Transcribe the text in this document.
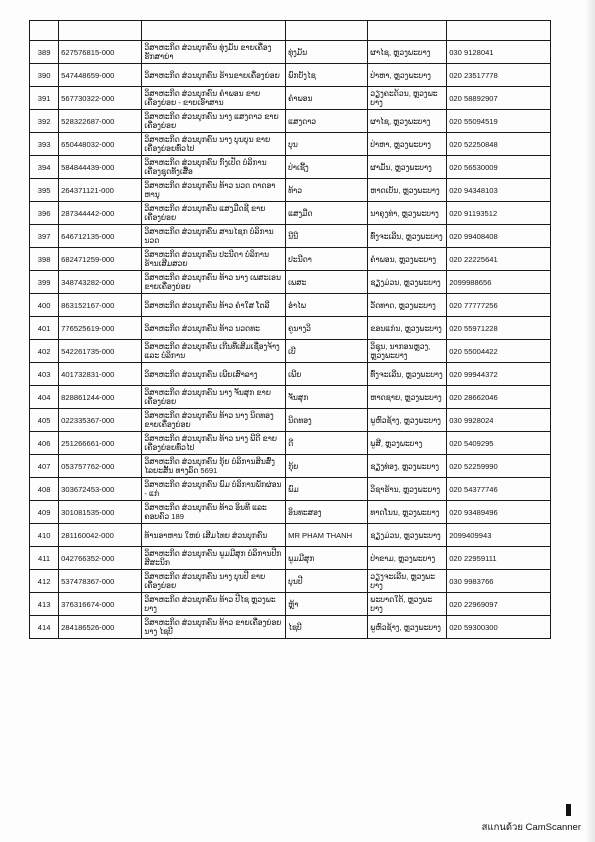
389	627576815-000	ວິສາຫະກິດ ສ່ວນບຸກຄົນ ທຸ່ງມັນ ຂາຍເຄື່ອງຮັກສາຍ່າ	ທຸ່ງມັນ	ຜາໄຊ, ຫຼວງພະບາງ	030 9128041
390	547448659-000	ວິສາຫະກິດ ສ່ວນບຸກຄົນ ຮ້ານຂາຍເຄື່ອງຍ່ອຍ	ພົກບັງໄຊ	ປ່າຫາ, ຫຼວງພະບາງ	020 23517778
391	567730322-000	ວິສາຫະກິດ ສ່ວນບຸກຄົນ ຄຳພອນ ຂາຍເຄື່ອງຍ່ອຍ - ຂາຍເອົາສານ	ຄຳພອນ	ວຽງຄະດ້ວນ, ຫຼວງພະບາງ	020 58892907
392	528322687-000	ວິສາຫະກິດ ສ່ວນບຸກຄົນ ນາງ ແສງດາວ ຂາຍເຄື່ອງຍ່ອຍ	ແສງດາວ	ຜາໄຊ, ຫຼວງພະບາງ	020 55094519
393	650448032-000	ວິສາຫະກິດ ສ່ວນບຸກຄົນ ນາງ ບຸນບຸນ ຂາຍເຄື່ອງຍ່ອຍທົ່ວໄປ	ບຸນ	ປ່າຫາ, ຫຼວງພະບາງ	020 52250848
394	584844439-000	ວິສາຫະກິດ ສ່ວນບຸກຄົນ ກົງເປັດ ບໍລິການເຄື່ອງຊຸດທັງເສື້ອ	ປ່າເຊີ້ງ	ຜາມັ່ນ, ຫຼວງພະບາງ	020 56530009
395	264371121-000	ວິສາຫະກິດ ສ່ວນບຸກຄົນ ທ້າວ ນວດ ດາດອາຫານຸ	ທ້າວ	ຫາດເບັນ, ຫຼວງພະບາງ	020 94348103
396	287344442-000	ວິສາຫະກິດ ສ່ວນບຸກຄົນ ແສງມືດຊີ ຂາຍເຄື່ອງຍ່ອຍ	ແສງມືດ	ນາຄຸງທ່າ, ຫຼວງພະບາງ	020 91193512
397	646712135-000	ວິສາຫະກິດ ສ່ວນບຸກຄົນ ສານໄຊກ ບໍລິການ ນວດ	ນີນີ	ທົ່ງຈະເລີນ, ຫຼວງພະບາງ	020 99408408
398	682471259-000	ວິສາຫະກິດ ສ່ວນບຸກຄົນ ປະນີດາ ບໍລິການຮ້ານເສີມສວຍ	ປະນີດາ	ຄຳພອນ, ຫຼວງພະບາງ	020 22225641
399	348743282-000	ວິສາຫະກິດ ສ່ວນບຸກຄົນ ທ້າວ ນາງ ເພສະເອນ ຂາຍເຄື່ອງຍ່ອຍ	ເພສະ	ຊຽງມ່ວນ, ຫຼວງພະບາງ	2099988656
400	863152167-000	ວິສາຫະກິດ ສ່ວນບຸກຄົນ ທ້າວ ຄຳໃສ ໂຕລີ	ອຳໄພ	ວັດທາດ, ຫຼວງພະບາງ	020 77777256
401	776525619-000	ວິສາຫະກິດ ສ່ວນບຸກຄົນ ທ້າວ ນວດທະ	ຄູນາງວິ	ຂອນແກ່ນ, ຫຼວງພະບາງ	020 55971228
402	542261735-000	ວິສາຫະກິດ ສ່ວນບຸກຄົນ ເກີນທີ່ເສີມເຊື່ອງຈ້າງ ແລະ ບໍລິການ	ເບີ	ວິຊຸນ, ນາກອນຫຼວງ, ຫຼວງພະບາງ	020 55004422
403	401732831-000	ວິສາຫະກິດ ສ່ວນບຸກຄົນ ເພີຍເສົາລາງ	ເພີຍ	ທົ່ງຈະເລີນ, ຫຼວງພະບາງ	020 99944372
404	828861244-000	ວິສາຫະກິດ ສ່ວນບຸກຄົນ ນາງ ຈັນສຸກ ຂາຍເຄື່ອງຍ່ອຍ	ຈັນສຸກ	ຫາດຊາຍ, ຫຼວງພະບາງ	020 28662046
405	022335367-000	ວິສາຫະກິດ ສ່ວນບຸກຄົນ ທ້າວ ນາງ ນິດທອງ ຂາຍເຄື່ອງຍ່ອຍ	ນິດທອງ	ພູຫົວຊ້າງ, ຫຼວງພະບາງ	030 9928024
406	251266661-000	ວິສາຫະກິດ ສ່ວນບຸກຄົນ ທ້າວ ນາງ ພີດີ ຂາຍເຄື່ອງຍ່ອຍທົ່ວໄປ	ດີ	ພູສີ, ຫຼວງພະບາງ	020 5409295
407	053757762-000	ວິສາຫະກິດ ສ່ວນບຸກຄົນ ກຸ້ຍ ບໍລິການສິນສົ່ງໄລຍະສັ້ນ ທາງລົດ 5691	ກຸ້ຍ	ຊຽງທ່ອງ, ຫຼວງພະບາງ	020 52259990
408	303672453-000	ວິສາຫະກິດ ສ່ວນບຸກຄົນ ພົມ ບໍລິການພັກຜ່ອນ - ແກ່	ພົມ	ວິຊາຮ້ານ, ຫຼວງພະບາງ	020 54377746
409	301081535-000	ວິສາຫະກິດ ສ່ວນບຸກຄົນ ທ້າວ ອິນທີ ແລະ ຄອບຄົວ 189	ອິນທະສອງ	ທາດໂນນ, ຫຼວງພະບາງ	020 93489496
410	281160042-000	ທ້ານອາຫານ ໃຫຍ່ ເສີມໄທຍ ສ່ວນບຸກຄົນ	MR PHAM THANH	ຊຽງມ່ວນ, ຫຼວງພະບາງ	2099409943
411	042766352-000	ວິສາຫະກິດ ສ່ວນບຸກຄົນ ພູມມີສຸກ ບໍລິການປີກສີສະນິກ	ພູມມີສຸກ	ປ່າຂາມ, ຫຼວງພະບາງ	020 22959111
412	537478367-000	ວິສາຫະກິດ ສ່ວນບຸກຄົນ ນາງ ບຸນປີ ຂາຍເຄື່ອງຍ່ອຍ	ບຸນປີ	ວຽງຈະເລີນ, ຫຼວງພະບາງ	030 9983766
413	376316674-000	ວິສາຫະກິດ ສ່ວນບຸກຄົນ ທ້າວ ປີໄຊ ຫຼວງພະບາງ	ຫຼ້າ	ພະບາດໃຕ້, ຫຼວງພະບາງ	020 22969097
414	284186526-000	ວິສາຫະກິດ ສ່ວນບຸກຄົນ ທ້າວ ຂາຍເຄື່ອງຍ່ອຍ ນາງ ໄຊບີ	ໄຊບີ	ພູຫົວຊ້າງ, ຫຼວງພະບາງ	020 59300300
สแกนด้วย CamScanner
